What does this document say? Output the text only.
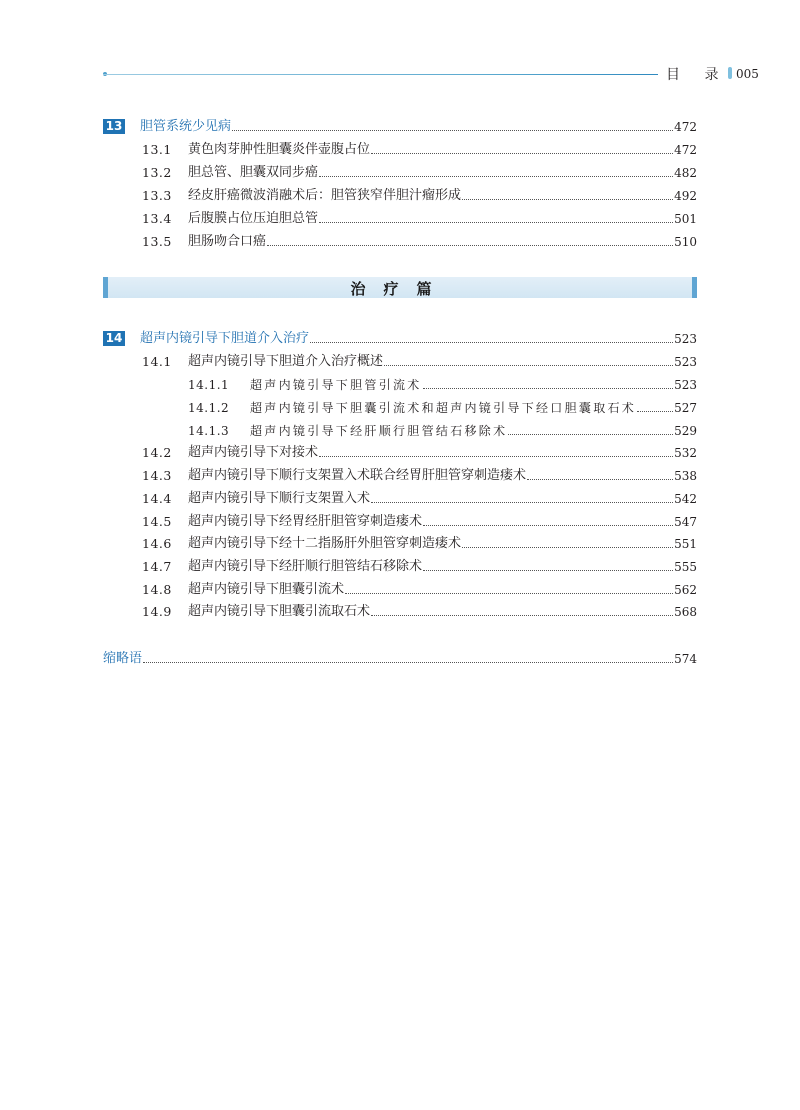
目 录 005
13 胆管系统少见病	472
13.1	黄色肉芽肿性胆囊炎伴壶腹占位	472
13.2	胆总管、胆囊双同步癌	482
13.3	经皮肝癌微波消融术后：胆管狭窄伴胆汁瘤形成	492
13.4	后腹膜占位压迫胆总管	501
13.5	胆肠吻合口癌	510
治疗篇
14 超声内镜引导下胆道介入治疗	523
14.1	超声内镜引导下胆道介入治疗概述	523
14.1.1	超声内镜引导下胆管引流术	523
14.1.2	超声内镜引导下胆囊引流术和超声内镜引导下经口胆囊取石术	527
14.1.3	超声内镜引导下经肝顺行胆管结石移除术	529
14.2	超声内镜引导下对接术	532
14.3	超声内镜引导下顺行支架置入术联合经胃肝胆管穿刺造瘘术	538
14.4	超声内镜引导下顺行支架置入术	542
14.5	超声内镜引导下经胃经肝胆管穿刺造瘘术	547
14.6	超声内镜引导下经十二指肠肝外胆管穿刺造瘘术	551
14.7	超声内镜引导下经肝顺行胆管结石移除术	555
14.8	超声内镜引导下胆囊引流术	562
14.9	超声内镜引导下胆囊引流取石术	568
缩略语	574
